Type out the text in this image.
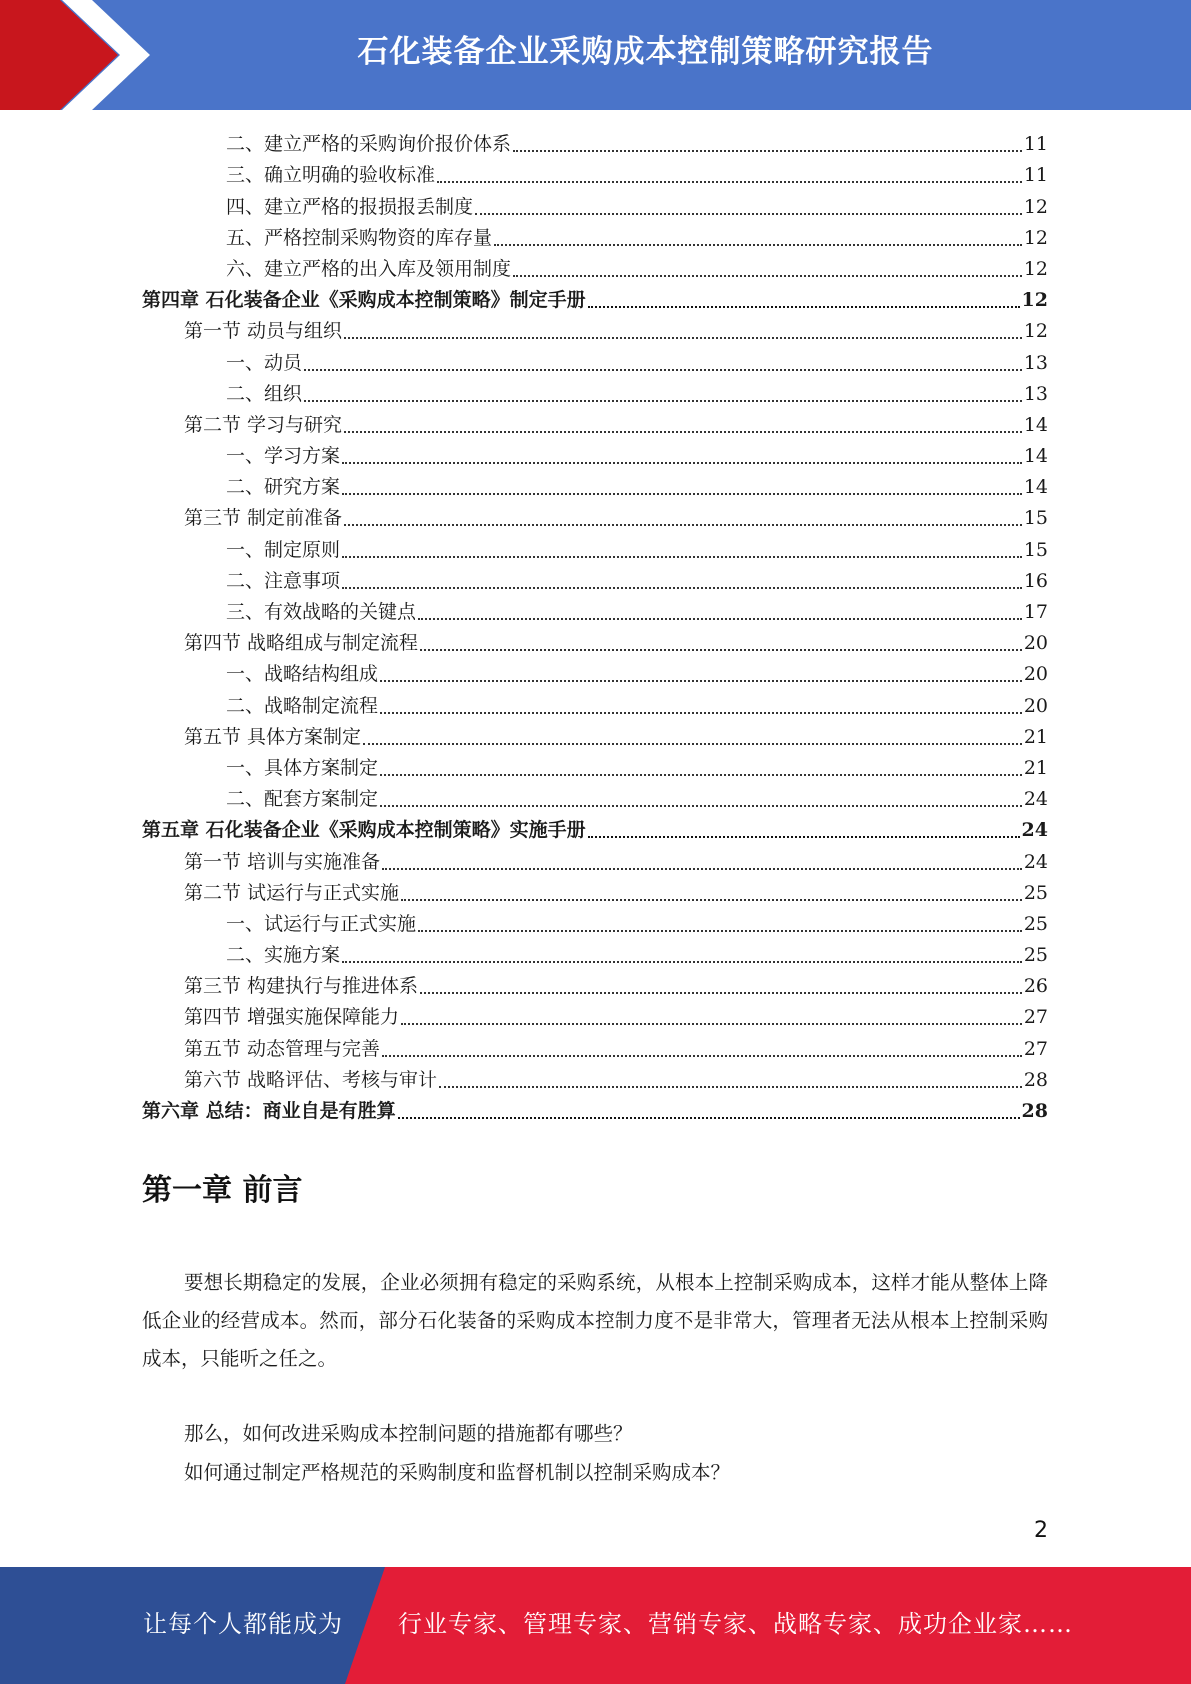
石化装备企业采购成本控制策略研究报告
二、建立严格的采购询价报价体系	11
三、确立明确的验收标准	11
四、建立严格的报损报丢制度	12
五、严格控制采购物资的库存量	12
六、建立严格的出入库及领用制度	12
第四章 石化装备企业《采购成本控制策略》制定手册	12
第一节 动员与组织	12
一、动员	13
二、组织	13
第二节 学习与研究	14
一、学习方案	14
二、研究方案	14
第三节 制定前准备	15
一、制定原则	15
二、注意事项	16
三、有效战略的关键点	17
第四节 战略组成与制定流程	20
一、战略结构组成	20
二、战略制定流程	20
第五节 具体方案制定	21
一、具体方案制定	21
二、配套方案制定	24
第五章 石化装备企业《采购成本控制策略》实施手册	24
第一节 培训与实施准备	24
第二节 试运行与正式实施	25
一、试运行与正式实施	25
二、实施方案	25
第三节 构建执行与推进体系	26
第四节 增强实施保障能力	27
第五节 动态管理与完善	27
第六节 战略评估、考核与审计	28
第六章 总结：商业自是有胜算	28
第一章 前言
要想长期稳定的发展，企业必须拥有稳定的采购系统，从根本上控制采购成本，这样才能从整体上降低企业的经营成本。然而，部分石化装备的采购成本控制力度不是非常大，管理者无法从根本上控制采购成本，只能听之任之。
那么，如何改进采购成本控制问题的措施都有哪些？
如何通过制定严格规范的采购制度和监督机制以控制采购成本？
2
让每个人都能成为 行业专家、管理专家、营销专家、战略专家、成功企业家……
